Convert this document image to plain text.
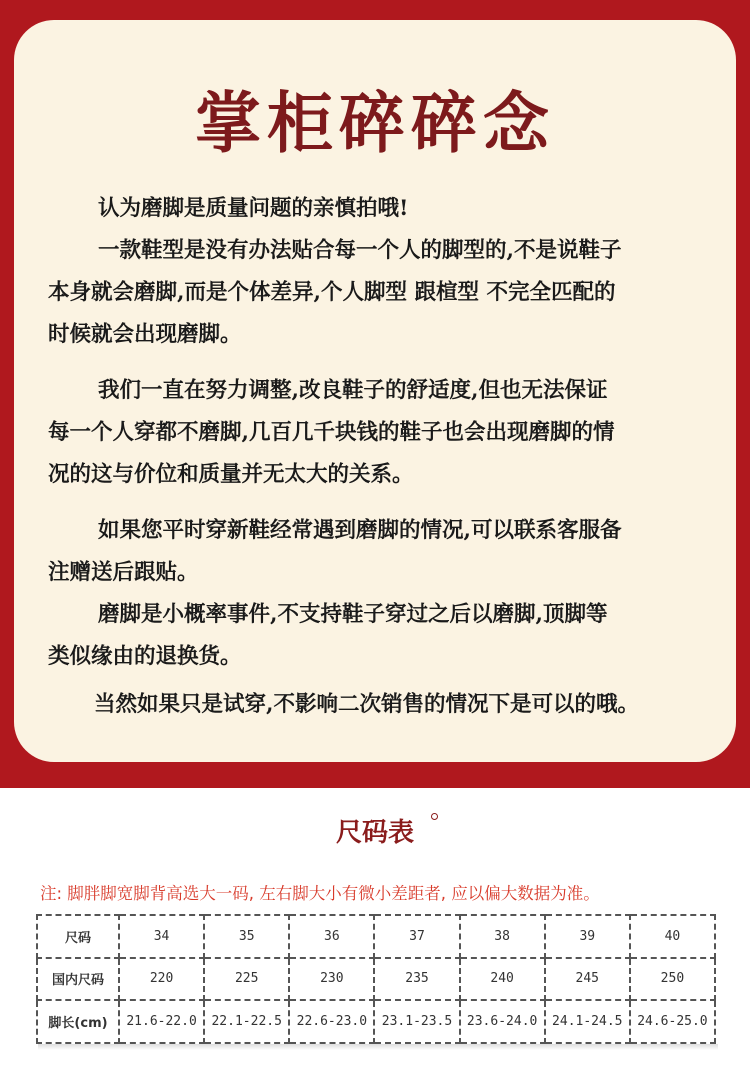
掌柜碎碎念

认为磨脚是质量问题的亲慎拍哦!

一款鞋型是没有办法贴合每一个人的脚型的,不是说鞋子

本身就会磨脚,而是个体差异,个人脚型 跟楦型 不完全匹配的

时候就会出现磨脚。

我们一直在努力调整,改良鞋子的舒适度,但也无法保证

每一个人穿都不磨脚,几百几千块钱的鞋子也会出现磨脚的情

况的这与价位和质量并无太大的关系。

如果您平时穿新鞋经常遇到磨脚的情况,可以联系客服备

注赠送后跟贴。

磨脚是小概率事件,不支持鞋子穿过之后以磨脚,顶脚等

类似缘由的退换货。

当然如果只是试穿,不影响二次销售的情况下是可以的哦。

尺码表
注: 脚胖脚宽脚背高选大一码, 左右脚大小有微小差距者, 应以偏大数据为准。
尺码	34	35	36	37	38	39	40
国内尺码	220	225	230	235	240	245	250
脚长(cm)	21.6-22.0	22.1-22.5	22.6-23.0	23.1-23.5	23.6-24.0	24.1-24.5	24.6-25.0
